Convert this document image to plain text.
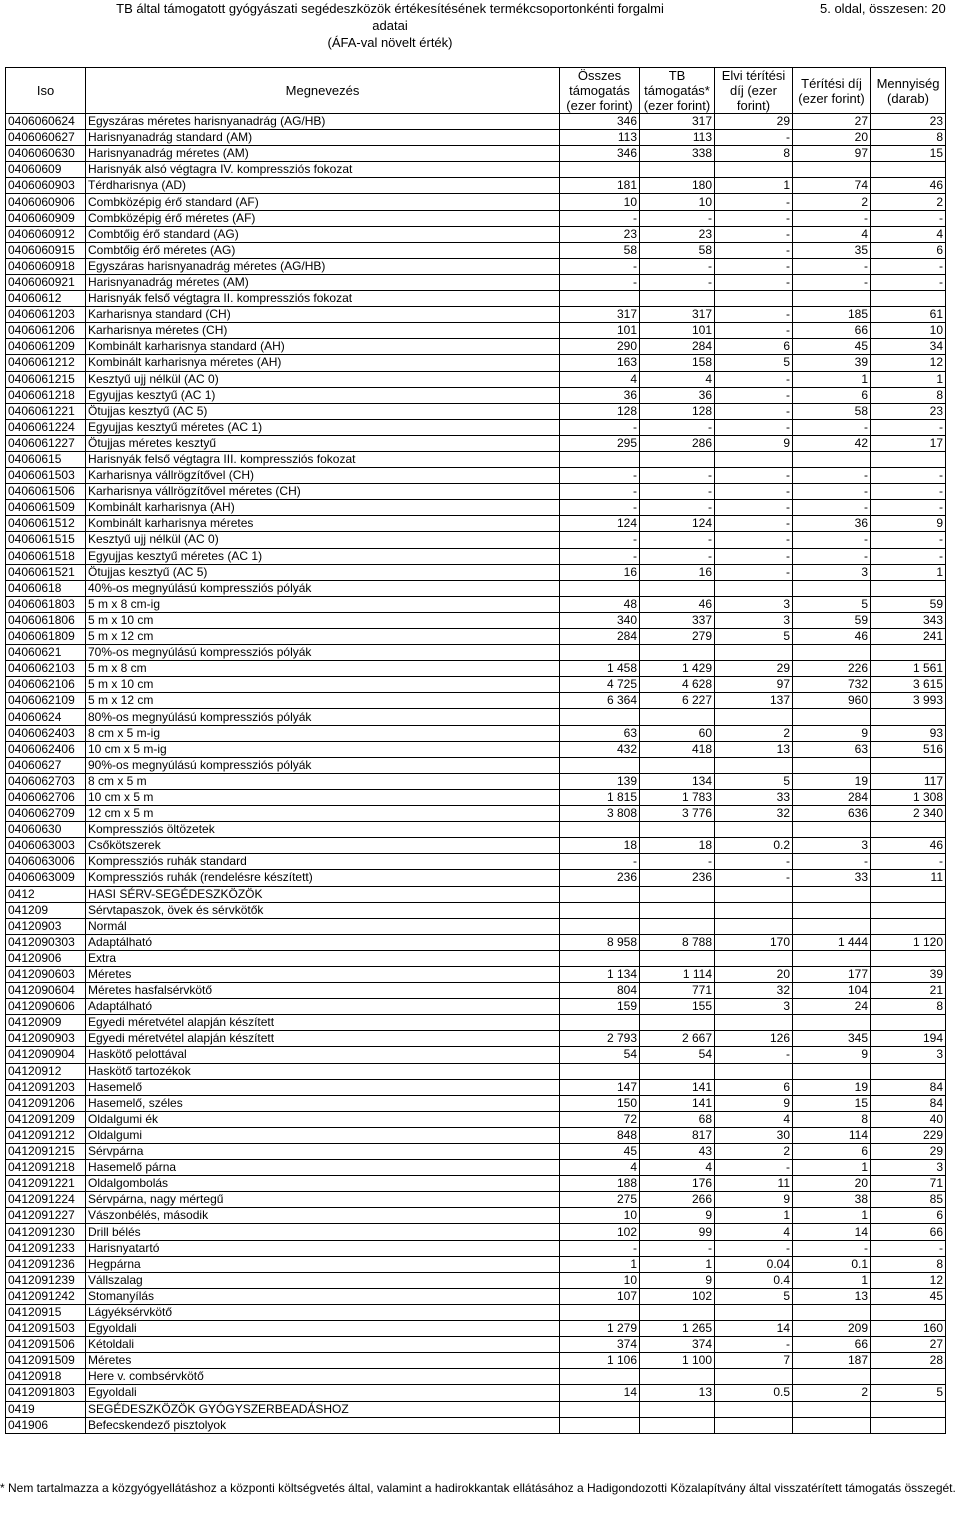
TB által támogatott gyógyászati segédeszközök értékesítésének termékcsoportonkénti forgalmi adatai
(ÁFA-val növelt érték)
5. oldal, összesen: 20
Iso	Megnevezés	Összes támogatás (ezer forint)	TB támogatás* (ezer forint)	Elvi térítési díj (ezer forint)	Térítési díj (ezer forint)	Mennyiség (darab)
0406060624	Egyszáras méretes harisnyanadrág (AG/HB)	346	317	29	27	23
0406060627	Harisnyanadrág standard (AM)	113	113	-	20	8
0406060630	Harisnyanadrág méretes (AM)	346	338	8	97	15
04060609	Harisnyák alsó végtagra IV. kompressziós fokozat					
0406060903	Térdharisnya (AD)	181	180	1	74	46
0406060906	Combközépig érő standard (AF)	10	10	-	2	2
0406060909	Combközépig érő méretes (AF)	-	-	-	-	-
0406060912	Combtőig érő standard (AG)	23	23	-	4	4
0406060915	Combtőig érő méretes (AG)	58	58	-	35	6
0406060918	Egyszáras harisnyanadrág méretes (AG/HB)	-	-	-	-	-
0406060921	Harisnyanadrág méretes (AM)	-	-	-	-	-
04060612	Harisnyák felső végtagra II. kompressziós fokozat					
0406061203	Karharisnya standard (CH)	317	317	-	185	61
0406061206	Karharisnya méretes (CH)	101	101	-	66	10
0406061209	Kombinált karharisnya standard (AH)	290	284	6	45	34
0406061212	Kombinált karharisnya méretes (AH)	163	158	5	39	12
0406061215	Kesztyű ujj nélkül (AC 0)	4	4	-	1	1
0406061218	Egyujjas kesztyű (AC 1)	36	36	-	6	8
0406061221	Ötujjas kesztyű (AC 5)	128	128	-	58	23
0406061224	Egyujjas kesztyű méretes (AC 1)	-	-	-	-	-
0406061227	Ötujjas méretes kesztyű	295	286	9	42	17
04060615	Harisnyák felső végtagra III. kompressziós fokozat					
0406061503	Karharisnya vállrögzítővel (CH)	-	-	-	-	-
0406061506	Karharisnya vállrögzítővel méretes (CH)	-	-	-	-	-
0406061509	Kombinált karharisnya (AH)	-	-	-	-	-
0406061512	Kombinált karharisnya méretes	124	124	-	36	9
0406061515	Kesztyű ujj nélkül (AC 0)	-	-	-	-	-
0406061518	Egyujjas kesztyű méretes (AC 1)	-	-	-	-	-
0406061521	Ötujjas kesztyű (AC 5)	16	16	-	3	1
04060618	40%-os megnyúlású kompressziós pólyák					
0406061803	5 m x 8 cm-ig	48	46	3	5	59
0406061806	5 m x 10 cm	340	337	3	59	343
0406061809	5 m x 12 cm	284	279	5	46	241
04060621	70%-os megnyúlású kompressziós pólyák					
0406062103	5 m x 8 cm	1 458	1 429	29	226	1 561
0406062106	5 m x 10 cm	4 725	4 628	97	732	3 615
0406062109	5 m x 12 cm	6 364	6 227	137	960	3 993
04060624	80%-os megnyúlású kompressziós pólyák					
0406062403	8 cm x 5 m-ig	63	60	2	9	93
0406062406	10 cm x 5 m-ig	432	418	13	63	516
04060627	90%-os megnyúlású kompressziós pólyák					
0406062703	8 cm x 5 m	139	134	5	19	117
0406062706	10 cm x 5 m	1 815	1 783	33	284	1 308
0406062709	12 cm x 5 m	3 808	3 776	32	636	2 340
04060630	Kompressziós öltözetek					
0406063003	Csőkötszerek	18	18	0.2	3	46
0406063006	Kompressziós ruhák standard	-	-	-	-	-
0406063009	Kompressziós ruhák (rendelésre készített)	236	236	-	33	11
0412	HASI SÉRV-SEGÉDESZKÖZÖK					
041209	Sérvtapaszok, övek és sérvkötők					
04120903	Normál					
0412090303	Adaptálható	8 958	8 788	170	1 444	1 120
04120906	Extra					
0412090603	Méretes	1 134	1 114	20	177	39
0412090604	Méretes hasfalsérvkötő	804	771	32	104	21
0412090606	Adaptálható	159	155	3	24	8
04120909	Egyedi méretvétel alapján készített					
0412090903	Egyedi méretvétel alapján készített	2 793	2 667	126	345	194
0412090904	Haskötő pelottával	54	54	-	9	3
04120912	Haskötő tartozékok					
0412091203	Hasemelő	147	141	6	19	84
0412091206	Hasemelő, széles	150	141	9	15	84
0412091209	Oldalgumi ék	72	68	4	8	40
0412091212	Oldalgumi	848	817	30	114	229
0412091215	Sérvpárna	45	43	2	6	29
0412091218	Hasemelő párna	4	4	-	1	3
0412091221	Oldalgombolás	188	176	11	20	71
0412091224	Sérvpárna, nagy mértegű	275	266	9	38	85
0412091227	Vászonbélés, második	10	9	1	1	6
0412091230	Drill bélés	102	99	4	14	66
0412091233	Harisnyatartó	-	-	-	-	-
0412091236	Hegpárna	1	1	0.04	0.1	8
0412091239	Vállszalag	10	9	0.4	1	12
0412091242	Stomanyílás	107	102	5	13	45
04120915	Lágyéksérvkötő					
0412091503	Egyoldali	1 279	1 265	14	209	160
0412091506	Kétoldali	374	374	-	66	27
0412091509	Méretes	1 106	1 100	7	187	28
04120918	Here v. combsérvkötő					
0412091803	Egyoldali	14	13	0.5	2	5
0419	SEGÉDESZKÖZÖK GYÓGYSZERBEADÁSHOZ					
041906	Befecskendező pisztolyok					
* Nem tartalmazza a közgyógyellátáshoz a központi költségvetés által, valamint a hadirokkantak ellátásához a Hadigondozotti Közalapítvány által visszatérített támogatás összegét.
